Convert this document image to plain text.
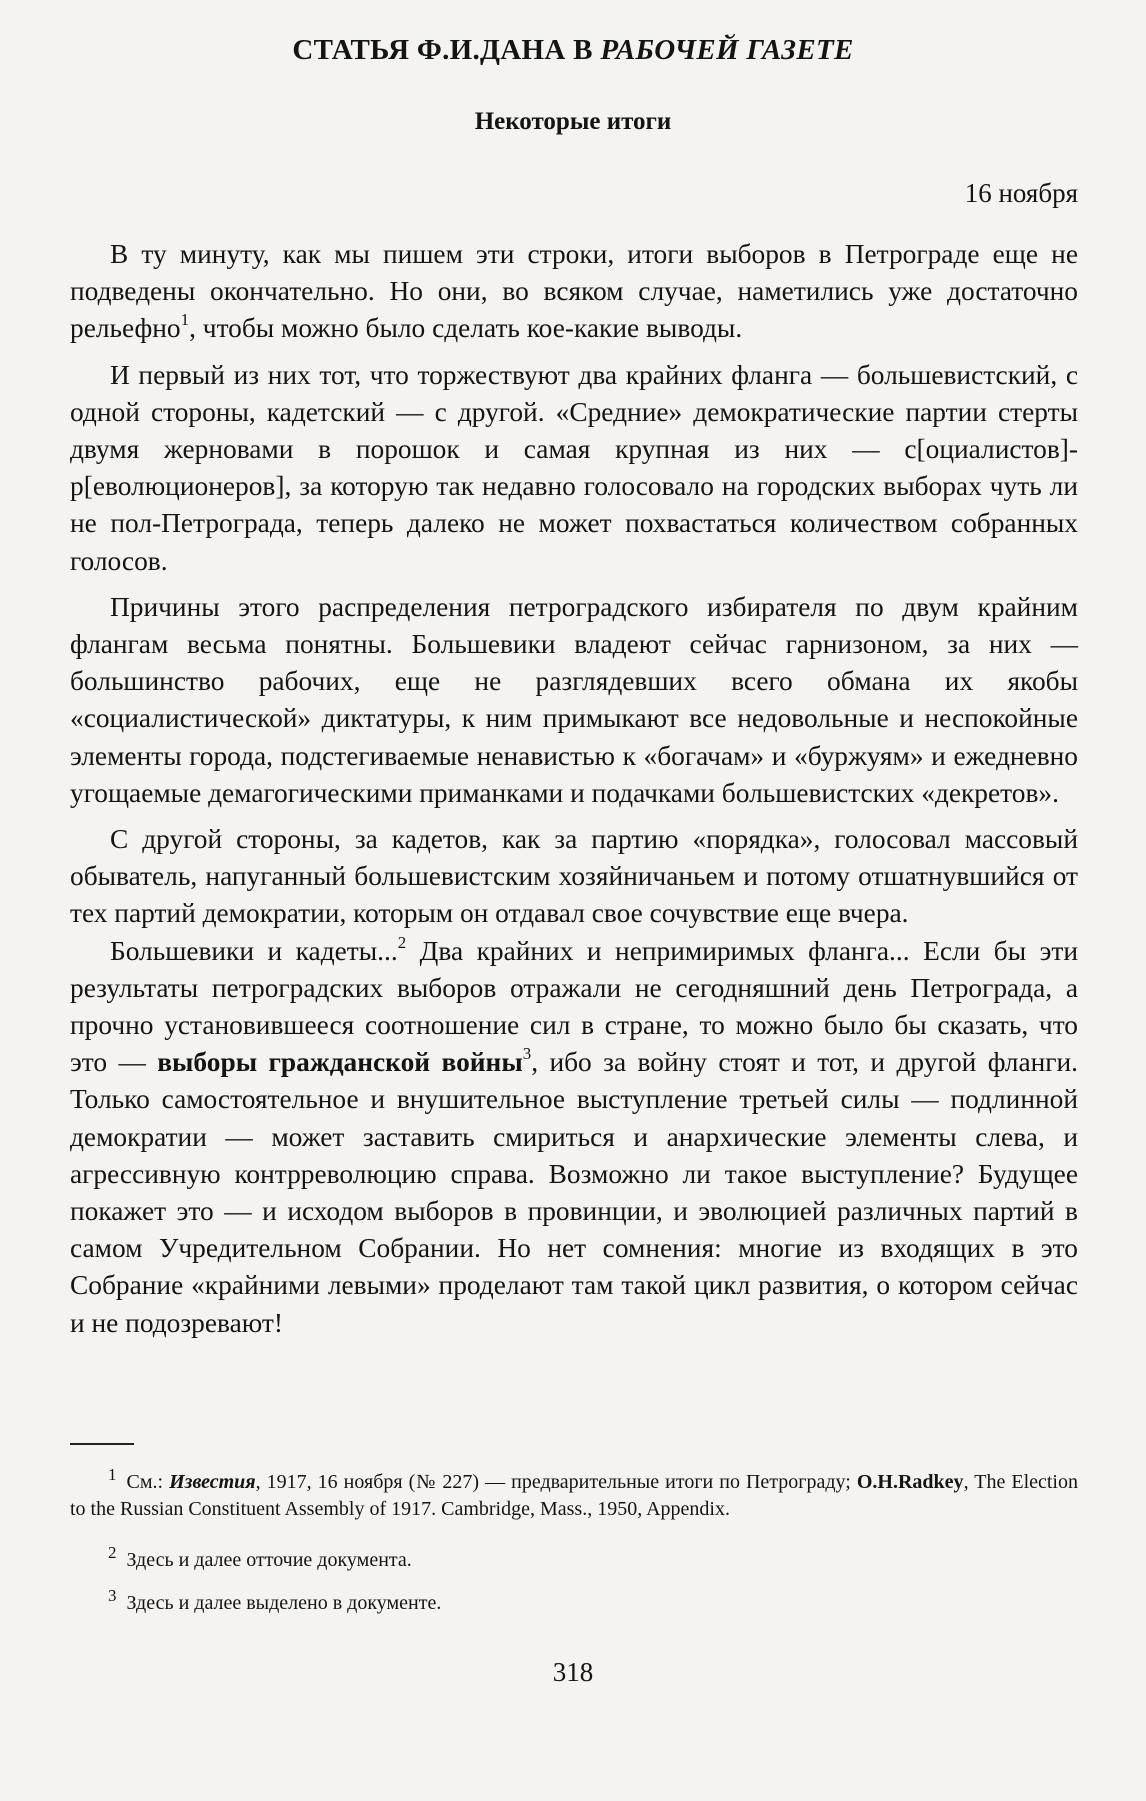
СТАТЬЯ Ф.И.ДАНА В РАБОЧЕЙ ГАЗЕТЕ
Некоторые итоги
16 ноября

В ту минуту, как мы пишем эти строки, итоги выборов в Петрограде еще не подведены окончательно. Но они, во всяком случае, наметились уже достаточно рельефно$^1$, чтобы можно было сделать кое-какие выводы.

И первый из них тот, что торжествуют два крайних фланга — большевистский, с одной стороны, кадетский — с другой. «Средние» демократические партии стерты двумя жерновами в порошок и самая крупная из них — с[оциалистов]-р[еволюционеров], за которую так недавно голосовало на городских выборах чуть ли не пол-Петрограда, теперь далеко не может похвастаться количеством собранных голосов.

Причины этого распределения петроградского избирателя по двум крайним флангам весьма понятны. Большевики владеют сейчас гарнизоном, за них — большинство рабочих, еще не разглядевших всего обмана их якобы «социалистической» диктатуры, к ним примыкают все недовольные и неспокойные элементы города, подстегиваемые ненавистью к «богачам» и «буржуям» и ежедневно угощаемые демагогическими приманками и подачками большевистских «декретов».

С другой стороны, за кадетов, как за партию «порядка», голосовал массовый обыватель, напуганный большевистским хозяйничаньем и потому отшатнувшийся от тех партий демократии, которым он отдавал свое сочувствие еще вчера.

Большевики и кадеты...$^2$ Два крайних и непримиримых фланга... Если бы эти результаты петроградских выборов отражали не сегодняшний день Петрограда, а прочно установившееся соотношение сил в стране, то можно было бы сказать, что это — выборы гражданской войны$^3$, ибо за войну стоят и тот, и другой фланги. Только самостоятельное и внушительное выступление третьей силы — подлинной демократии — может заставить смириться и анархические элементы слева, и агрессивную контрреволюцию справа. Возможно ли такое выступление? Будущее покажет это — и исходом выборов в провинции, и эволюцией различных партий в самом Учредительном Собрании. Но нет сомнения: многие из входящих в это Собрание «крайними левыми» проделают там такой цикл развития, о котором сейчас и не подозревают!

$^1$ См.: Известия, 1917, 16 ноября (№ 227) — предварительные итоги по Петрограду; O.H.Radkey, The Election to the Russian Constituent Assembly of 1917. Cambridge, Mass., 1950, Appendix.
$^2$ Здесь и далее отточие документа.
$^3$ Здесь и далее выделено в документе.
318
